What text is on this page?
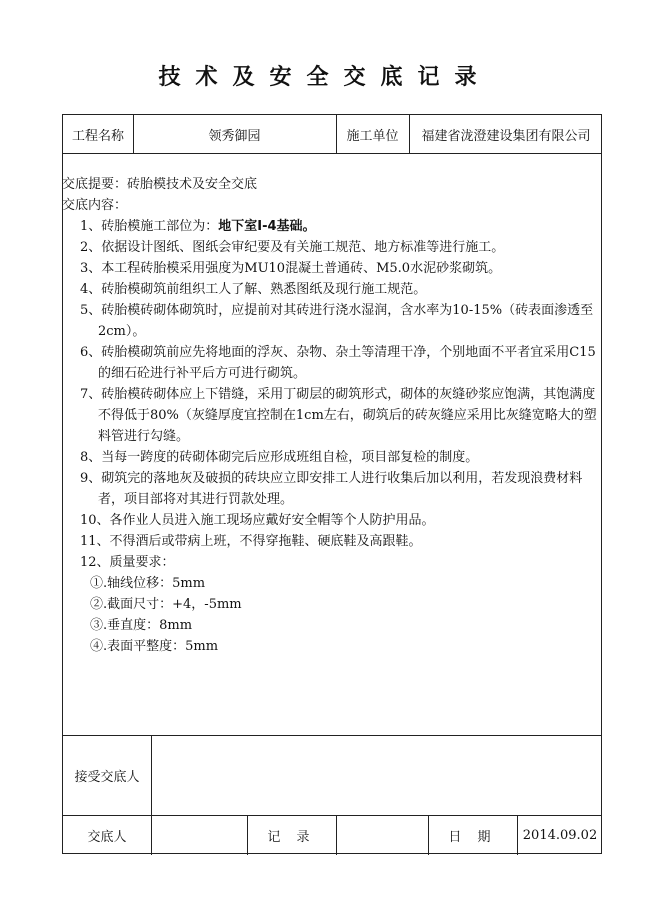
技术及安全交底记录
工程名称	领秀御园	施工单位	福建省泷澄建设集团有限公司
接受交底人
交底人	记 录	日 期	2014.09.02

交底提要：砖胎模技术及安全交底

交底内容：

1、砖胎模施工部位为：地下室Ⅰ-4基础。

2、依据设计图纸、图纸会审纪要及有关施工规范、地方标准等进行施工。

3、本工程砖胎模采用强度为MU10混凝土普通砖、M5.0水泥砂浆砌筑。

4、砖胎模砌筑前组织工人了解、熟悉图纸及现行施工规范。

5、砖胎模砖砌体砌筑时，应提前对其砖进行浇水湿润，含水率为10-15%（砖表面渗透至2cm）。

6、砖胎模砌筑前应先将地面的浮灰、杂物、杂土等清理干净，个别地面不平者宜采用C15的细石砼进行补平后方可进行砌筑。

7、砖胎模砖砌体应上下错缝，采用丁砌层的砌筑形式，砌体的灰缝砂浆应饱满，其饱满度不得低于80%（灰缝厚度宜控制在1cm左右，砌筑后的砖灰缝应采用比灰缝宽略大的塑料管进行勾缝。

8、当每一跨度的砖砌体砌完后应形成班组自检，项目部复检的制度。

9、砌筑完的落地灰及破损的砖块应立即安排工人进行收集后加以利用，若发现浪费材料者，项目部将对其进行罚款处理。

10、各作业人员进入施工现场应戴好安全帽等个人防护用品。

11、不得酒后或带病上班，不得穿拖鞋、硬底鞋及高跟鞋。

12、质量要求：

①.轴线位移：5mm

②.截面尺寸：+4，-5mm

③.垂直度：8mm

④.表面平整度：5mm
